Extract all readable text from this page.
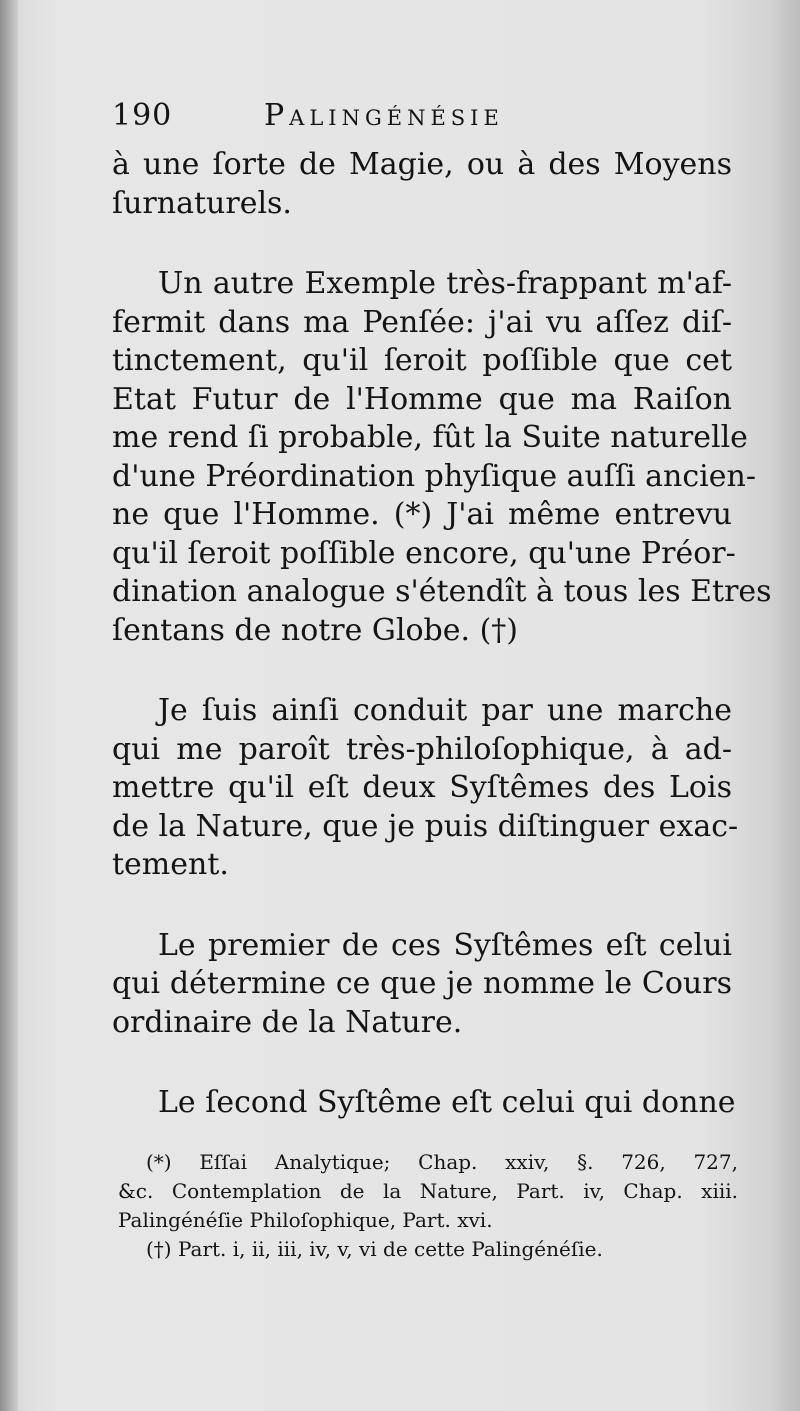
190	Palingénésie
à une ſorte de Magie, ou à des Moyens
ſurnaturels.
Un autre Exemple très-frappant m'af-
fermit dans ma Penſée: j'ai vu aſſez diſ-
tinctement, qu'il ſeroit poſſible que cet
Etat Futur de l'Homme que ma Raiſon
me rend ſi probable, fût la Suite naturelle
d'une Préordination phyſique auſſi ancien-
ne que l'Homme. (*) J'ai même entrevu
qu'il ſeroit poſſible encore, qu'une Préor-
dination analogue s'étendît à tous les Etres
ſentans de notre Globe. (†)
Je ſuis ainſi conduit par une marche
qui me paroît très-philoſophique, à ad-
mettre qu'il eſt deux Syſtêmes des Lois
de la Nature, que je puis diſtinguer exac-
tement.
Le premier de ces Syſtêmes eſt celui
qui détermine ce que je nomme le Cours
ordinaire de la Nature.
Le ſecond Syſtême eſt celui qui donne
(*) Eſſai Analytique; Chap. xxiv, §. 726, 727,
&c. Contemplation de la Nature, Part. iv, Chap. xiii.
Palingénéſie Philoſophique, Part. xvi.
(†) Part. i, ii, iii, iv, v, vi de cette Palingénéſie.
